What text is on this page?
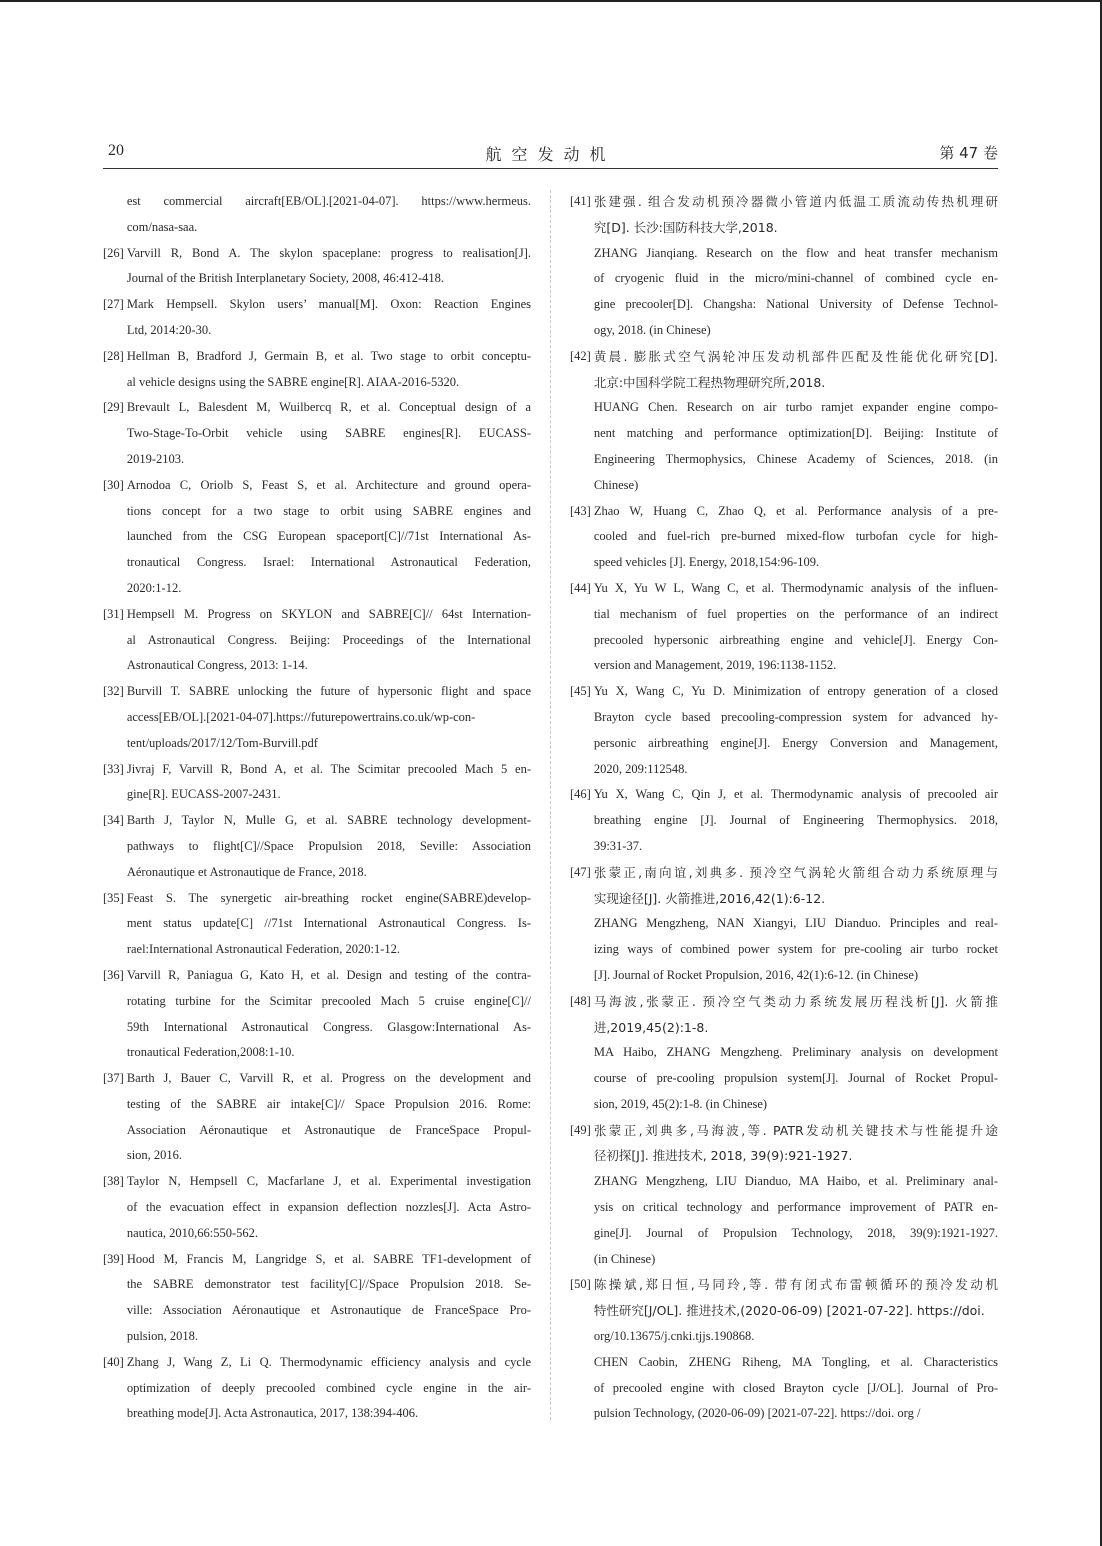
20	航空发动机	第 47 卷
est commercial aircraft[EB/OL].[2021-04-07]. https://www.hermeus.
com/nasa-saa.
[26] Varvill R, Bond A. The skylon spaceplane: progress to realisation[J].
Journal of the British Interplanetary Society, 2008, 46:412-418.
[27] Mark Hempsell. Skylon users’ manual[M]. Oxon: Reaction Engines
Ltd, 2014:20-30.
[28] Hellman B, Bradford J, Germain B, et al. Two stage to orbit conceptu-
al vehicle designs using the SABRE engine[R]. AIAA-2016-5320.
[29] Brevault L, Balesdent M, Wuilbercq R, et al. Conceptual design of a
Two-Stage-To-Orbit vehicle using SABRE engines[R]. EUCASS-
2019-2103.
[30] Arnodoa C, Oriolb S, Feast S, et al. Architecture and ground opera-
tions concept for a two stage to orbit using SABRE engines and
launched from the CSG European spaceport[C]//71st International As-
tronautical Congress. Israel: International Astronautical Federation,
2020:1-12.
[31] Hempsell M. Progress on SKYLON and SABRE[C]// 64st Internation-
al Astronautical Congress. Beijing: Proceedings of the International
Astronautical Congress, 2013: 1-14.
[32] Burvill T. SABRE unlocking the future of hypersonic flight and space
access[EB/OL].[2021-04-07].https://futurepowertrains.co.uk/wp-con-
tent/uploads/2017/12/Tom-Burvill.pdf
[33] Jivraj F, Varvill R, Bond A, et al. The Scimitar precooled Mach 5 en-
gine[R]. EUCASS-2007-2431.
[34] Barth J, Taylor N, Mulle G, et al. SABRE technology development-
pathways to flight[C]//Space Propulsion 2018, Seville: Association
Aéronautique et Astronautique de France, 2018.
[35] Feast S. The synergetic air-breathing rocket engine(SABRE)develop-
ment status update[C] //71st International Astronautical Congress. Is-
rael:International Astronautical Federation, 2020:1-12.
[36] Varvill R, Paniagua G, Kato H, et al. Design and testing of the contra-
rotating turbine for the Scimitar precooled Mach 5 cruise engine[C]//
59th International Astronautical Congress. Glasgow:International As-
tronautical Federation,2008:1-10.
[37] Barth J, Bauer C, Varvill R, et al. Progress on the development and
testing of the SABRE air intake[C]// Space Propulsion 2016. Rome:
Association Aéronautique et Astronautique de FranceSpace Propul-
sion, 2016.
[38] Taylor N, Hempsell C, Macfarlane J, et al. Experimental investigation
of the evacuation effect in expansion deflection nozzles[J]. Acta Astro-
nautica, 2010,66:550-562.
[39] Hood M, Francis M, Langridge S, et al. SABRE TF1-development of
the SABRE demonstrator test facility[C]//Space Propulsion 2018. Se-
ville: Association Aéronautique et Astronautique de FranceSpace Pro-
pulsion, 2018.
[40] Zhang J, Wang Z, Li Q. Thermodynamic efficiency analysis and cycle
optimization of deeply precooled combined cycle engine in the air-
breathing mode[J]. Acta Astronautica, 2017, 138:394-406.
[41] 张建强. 组合发动机预冷器微小管道内低温工质流动传热机理研
究[D]. 长沙:国防科技大学,2018.
ZHANG Jianqiang. Research on the flow and heat transfer mechanism
of cryogenic fluid in the micro/mini-channel of combined cycle en-
gine precooler[D]. Changsha: National University of Defense Technol-
ogy, 2018. (in Chinese)
[42] 黄晨. 膨胀式空气涡轮冲压发动机部件匹配及性能优化研究[D].
北京:中国科学院工程热物理研究所,2018.
HUANG Chen. Research on air turbo ramjet expander engine compo-
nent matching and performance optimization[D]. Beijing: Institute of
Engineering Thermophysics, Chinese Academy of Sciences, 2018. (in
Chinese)
[43] Zhao W, Huang C, Zhao Q, et al. Performance analysis of a pre-
cooled and fuel-rich pre-burned mixed-flow turbofan cycle for high-
speed vehicles [J]. Energy, 2018,154:96-109.
[44] Yu X, Yu W L, Wang C, et al. Thermodynamic analysis of the influen-
tial mechanism of fuel properties on the performance of an indirect
precooled hypersonic airbreathing engine and vehicle[J]. Energy Con-
version and Management, 2019, 196:1138-1152.
[45] Yu X, Wang C, Yu D. Minimization of entropy generation of a closed
Brayton cycle based precooling-compression system for advanced hy-
personic airbreathing engine[J]. Energy Conversion and Management,
2020, 209:112548.
[46] Yu X, Wang C, Qin J, et al. Thermodynamic analysis of precooled air
breathing engine [J]. Journal of Engineering Thermophysics. 2018,
39:31-37.
[47] 张蒙正,南向谊,刘典多. 预冷空气涡轮火箭组合动力系统原理与
实现途径[J]. 火箭推进,2016,42(1):6-12.
ZHANG Mengzheng, NAN Xiangyi, LIU Dianduo. Principles and real-
izing ways of combined power system for pre-cooling air turbo rocket
[J]. Journal of Rocket Propulsion, 2016, 42(1):6-12. (in Chinese)
[48] 马海波,张蒙正. 预冷空气类动力系统发展历程浅析[J]. 火箭推
进,2019,45(2):1-8.
MA Haibo, ZHANG Mengzheng. Preliminary analysis on development
course of pre-cooling propulsion system[J]. Journal of Rocket Propul-
sion, 2019, 45(2):1-8. (in Chinese)
[49] 张蒙正,刘典多,马海波,等. PATR发动机关键技术与性能提升途
径初探[J]. 推进技术, 2018, 39(9):921-1927.
ZHANG Mengzheng, LIU Dianduo, MA Haibo, et al. Preliminary anal-
ysis on critical technology and performance improvement of PATR en-
gine[J]. Journal of Propulsion Technology, 2018, 39(9):1921-1927.
(in Chinese)
[50] 陈操斌,郑日恒,马同玲,等. 带有闭式布雷顿循环的预冷发动机
特性研究[J/OL]. 推进技术,(2020-06-09) [2021-07-22]. https://doi.
org/10.13675/j.cnki.tjjs.190868.
CHEN Caobin, ZHENG Riheng, MA Tongling, et al. Characteristics
of precooled engine with closed Brayton cycle [J/OL]. Journal of Pro-
pulsion Technology, (2020-06-09) [2021-07-22]. https://doi. org /
